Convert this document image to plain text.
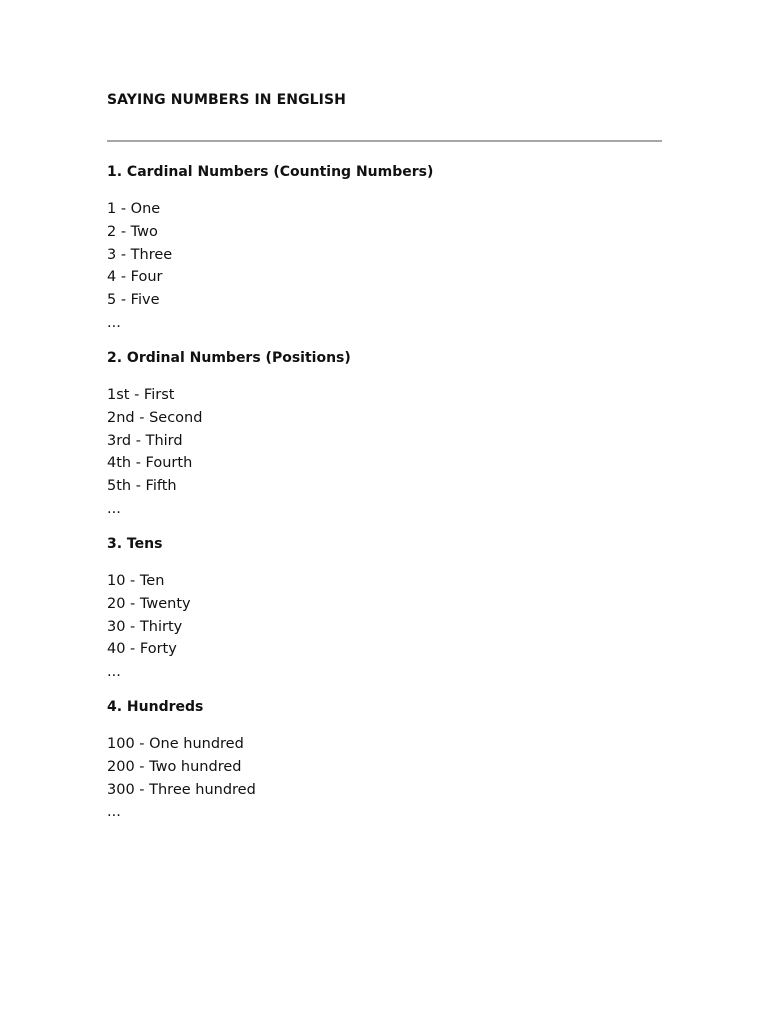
SAYING NUMBERS IN ENGLISH
1. Cardinal Numbers (Counting Numbers)
1 - One
2 - Two
3 - Three
4 - Four
5 - Five
...
2. Ordinal Numbers (Positions)
1st - First
2nd - Second
3rd - Third
4th - Fourth
5th - Fifth
...
3. Tens
10 - Ten
20 - Twenty
30 - Thirty
40 - Forty
...
4. Hundreds
100 - One hundred
200 - Two hundred
300 - Three hundred
...
